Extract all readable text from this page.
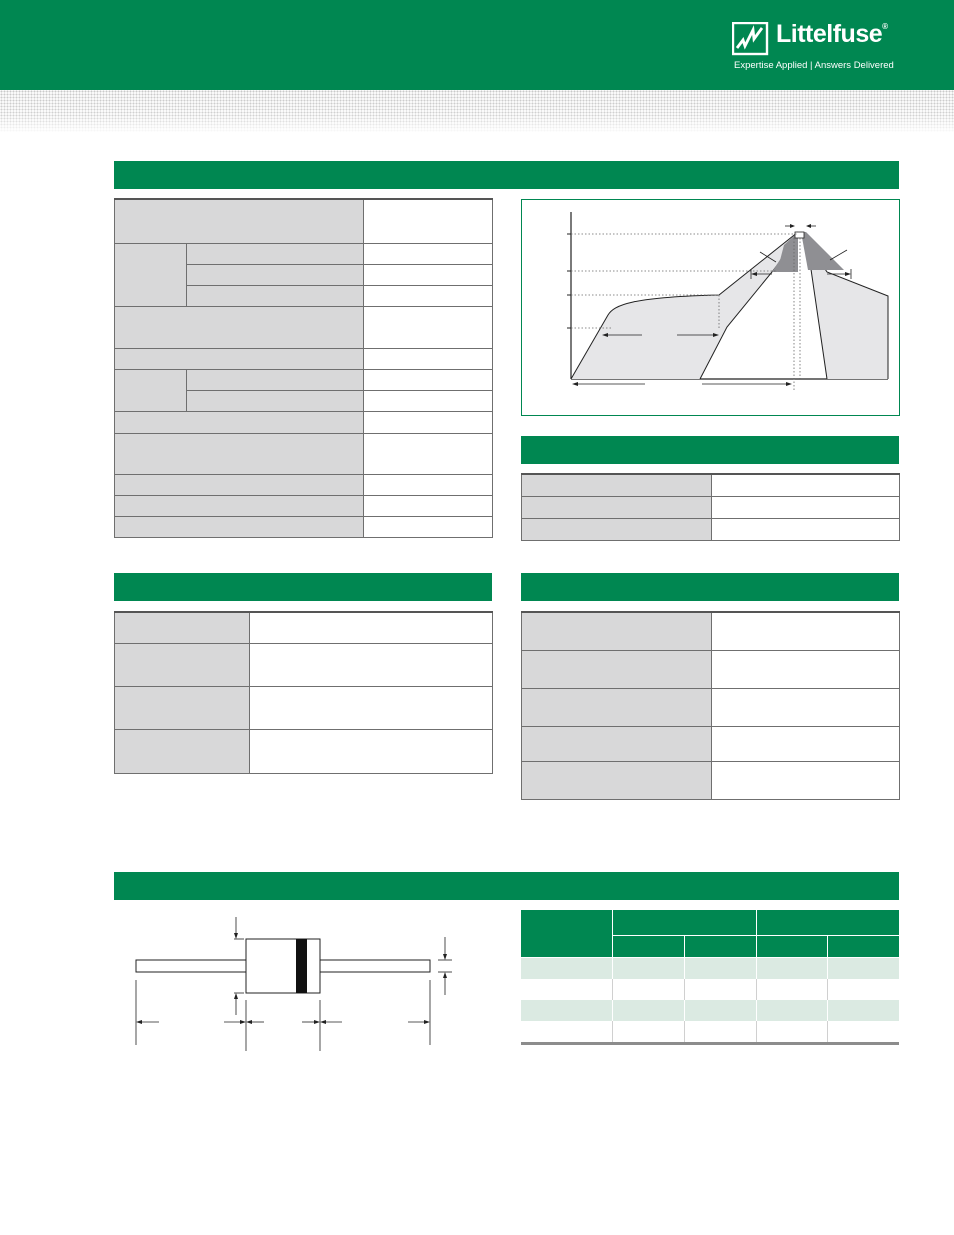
Littelfuse®
Expertise Applied | Answers Delivered
